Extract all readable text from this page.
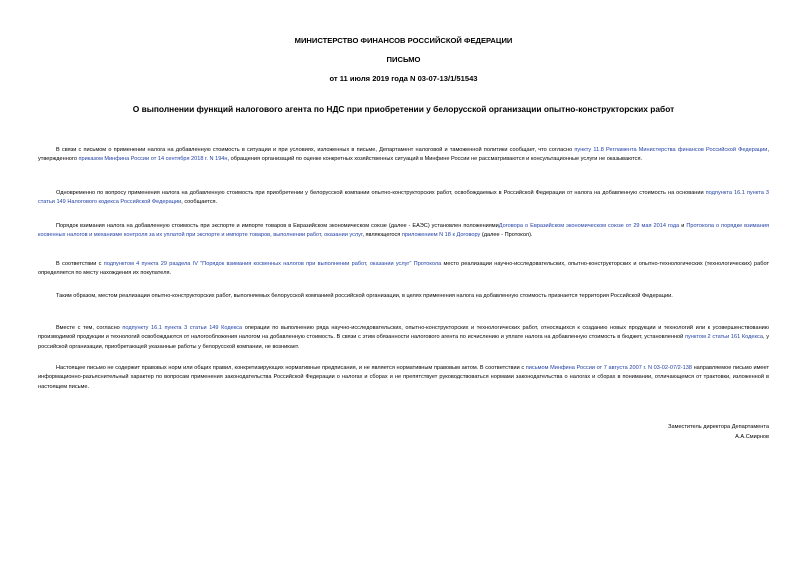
МИНИСТЕРСТВО ФИНАНСОВ РОССИЙСКОЙ ФЕДЕРАЦИИ
ПИСЬМО
от 11 июля 2019 года N 03-07-13/1/51543
О выполнении функций налогового агента по НДС при приобретении у белорусской организации опытно-конструкторских работ

В связи с письмом о применении налога на добавленную стоимость в ситуации и при условиях, изложенных в письме, Департамент налоговой и таможенной политики сообщает, что согласно пункту 11.8 Регламента Министерства финансов Российской Федерации, утвержденного приказом Минфина России от 14 сентября 2018 г. N 194н, обращения организаций по оценке конкретных хозяйственных ситуаций в Минфине России не рассматриваются и консультационные услуги не оказываются.

Одновременно по вопросу применения налога на добавленную стоимость при приобретении у белорусской компании опытно-конструкторских работ, освобождаемых в Российской Федерации от налога на добавленную стоимость на основании подпункта 16.1 пункта 3 статьи 149 Налогового кодекса Российской Федерации, сообщается.

Порядок взимания налога на добавленную стоимость при экспорте и импорте товаров в Евразийском экономическом союзе (далее - ЕАЭС) установлен положениямиДоговора о Евразийском экономическом союзе от 29 мая 2014 года и Протокола о порядке взимания косвенных налогов и механизме контроля за их уплатой при экспорте и импорте товаров, выполнении работ, оказании услуг, являющегося приложением N 18 к Договору (далее - Протокол).

В соответствии с подпунктом 4 пункта 29 раздела IV "Порядок взимания косвенных налогов при выполнении работ, оказании услуг" Протокола место реализации научно-исследовательских, опытно-конструкторских и опытно-технологических (технологических) работ определяется по месту нахождения их покупателя.

Таким образом, местом реализации опытно-конструкторских работ, выполняемых белорусской компанией российской организации, в целях применения налога на добавленную стоимость признается территория Российской Федерации.

Вместе с тем, согласно подпункту 16.1 пункта 3 статьи 149 Кодекса операции по выполнению ряда научно-исследовательских, опытно-конструкторских и технологических работ, относящихся к созданию новых продукции и технологий или к усовершенствованию производимой продукции и технологий освобождаются от налогообложения налогом на добавленную стоимость. В связи с этим обязанности налогового агента по исчислению и уплате налога на добавленную стоимость в бюджет, установленной пунктом 2 статьи 161 Кодекса, у российской организации, приобретающей указанные работы у белорусской компании, не возникает.

Настоящее письмо не содержит правовых норм или общих правил, конкретизирующих нормативные предписания, и не является нормативным правовым актом. В соответствии с письмом Минфина России от 7 августа 2007 г. N 03-02-07/2-138 направляемое письмо имеет информационно-разъяснительный характер по вопросам применения законодательства Российской Федерации о налогах и сборах и не препятствует руководствоваться нормами законодательства о налогах и сборах в понимании, отличающемся от трактовки, изложенной в настоящем письме.

Заместитель директора Департамента
А.А.Смирнов
